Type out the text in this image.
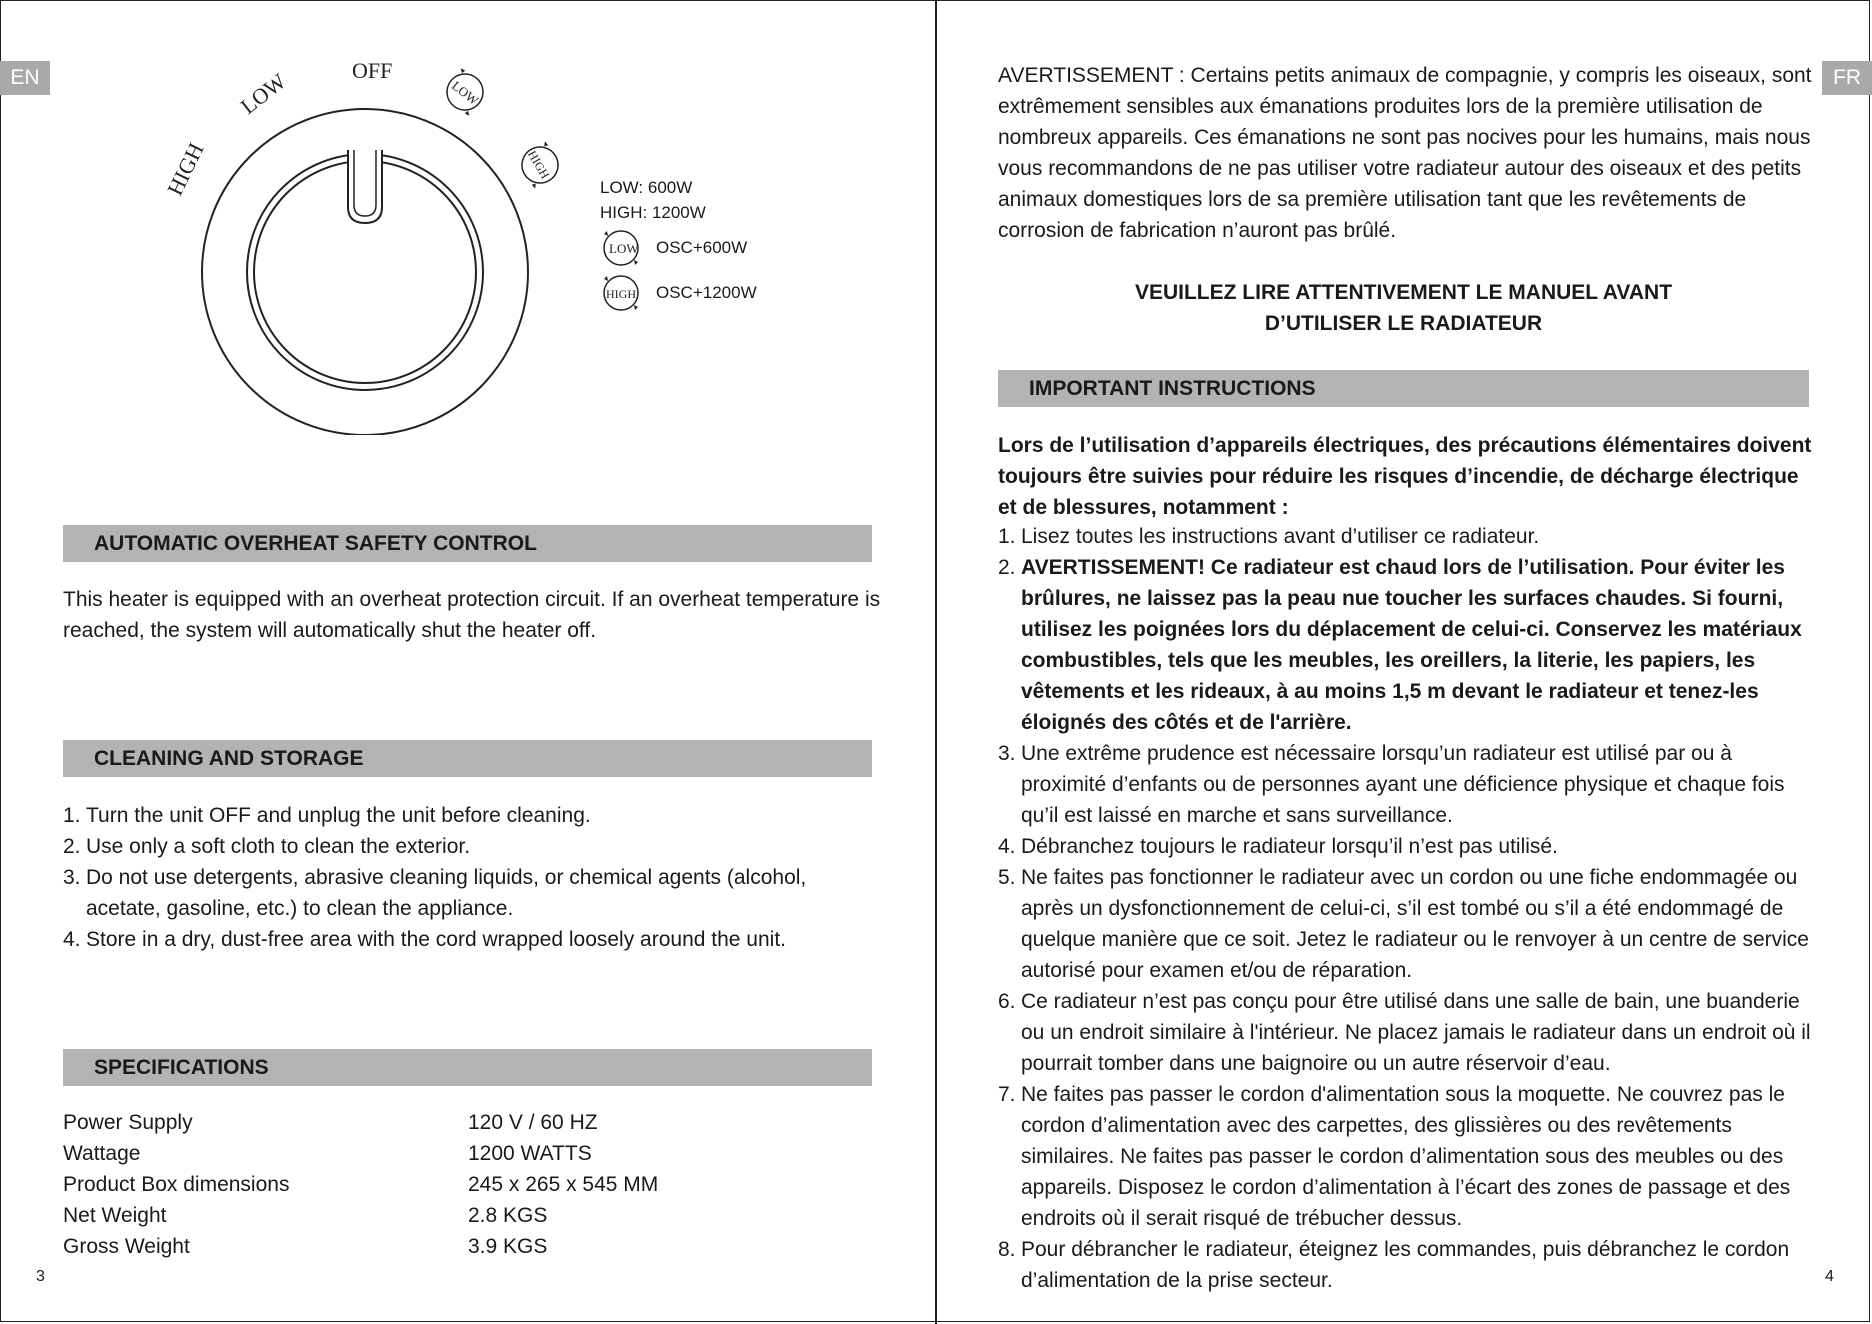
EN	OFF
LOW
HIGH
LOW
HIGH
LOW: 600W
HIGH: 1200W
LOW OSC+600W
HIGH OSC+1200W
AUTOMATIC OVERHEAT SAFETY CONTROL
This heater is equipped with an overheat protection circuit. If an overheat temperature is reached, the system will automatically shut the heater off.
CLEANING AND STORAGE
1. Turn the unit OFF and unplug the unit before cleaning.
2. Use only a soft cloth to clean the exterior.
3. Do not use detergents, abrasive cleaning liquids, or chemical agents (alcohol, acetate, gasoline, etc.) to clean the appliance.
4. Store in a dry, dust-free area with the cord wrapped loosely around the unit.
SPECIFICATIONS
Power Supply	120 V / 60 HZ
Wattage	1200 WATTS
Product Box dimensions	245 x 265 x 545 MM
Net Weight	2.8 KGS
Gross Weight	3.9 KGS
3
FR
AVERTISSEMENT : Certains petits animaux de compagnie, y compris les oiseaux, sont extrêmement sensibles aux émanations produites lors de la première utilisation de nombreux appareils. Ces émanations ne sont pas nocives pour les humains, mais nous vous recommandons de ne pas utiliser votre radiateur autour des oiseaux et des petits animaux domestiques lors de sa première utilisation tant que les revêtements de corrosion de fabrication n’auront pas brûlé.
VEUILLEZ LIRE ATTENTIVEMENT LE MANUEL AVANT
D’UTILISER LE RADIATEUR
IMPORTANT INSTRUCTIONS
Lors de l’utilisation d’appareils électriques, des précautions élémentaires doivent toujours être suivies pour réduire les risques d’incendie, de décharge électrique et de blessures, notamment :
1. Lisez toutes les instructions avant d’utiliser ce radiateur.
2. AVERTISSEMENT! Ce radiateur est chaud lors de l’utilisation. Pour éviter les brûlures, ne laissez pas la peau nue toucher les surfaces chaudes. Si fourni, utilisez les poignées lors du déplacement de celui-ci. Conservez les matériaux combustibles, tels que les meubles, les oreillers, la literie, les papiers, les vêtements et les rideaux, à au moins 1,5 m devant le radiateur et tenez-les éloignés des côtés et de l'arrière.
3. Une extrême prudence est nécessaire lorsqu’un radiateur est utilisé par ou à proximité d’enfants ou de personnes ayant une déficience physique et chaque fois qu’il est laissé en marche et sans surveillance.
4. Débranchez toujours le radiateur lorsqu’il n’est pas utilisé.
5. Ne faites pas fonctionner le radiateur avec un cordon ou une fiche endommagée ou après un dysfonctionnement de celui-ci, s’il est tombé ou s’il a été endommagé de quelque manière que ce soit. Jetez le radiateur ou le renvoyer à un centre de service autorisé pour examen et/ou de réparation.
6. Ce radiateur n’est pas conçu pour être utilisé dans une salle de bain, une buanderie ou un endroit similaire à l'intérieur. Ne placez jamais le radiateur dans un endroit où il pourrait tomber dans une baignoire ou un autre réservoir d’eau.
7. Ne faites pas passer le cordon d'alimentation sous la moquette. Ne couvrez pas le cordon d’alimentation avec des carpettes, des glissières ou des revêtements similaires. Ne faites pas passer le cordon d’alimentation sous des meubles ou des appareils. Disposez le cordon d’alimentation à l’écart des zones de passage et des endroits où il serait risqué de trébucher dessus.
8. Pour débrancher le radiateur, éteignez les commandes, puis débranchez le cordon d’alimentation de la prise secteur.	4
